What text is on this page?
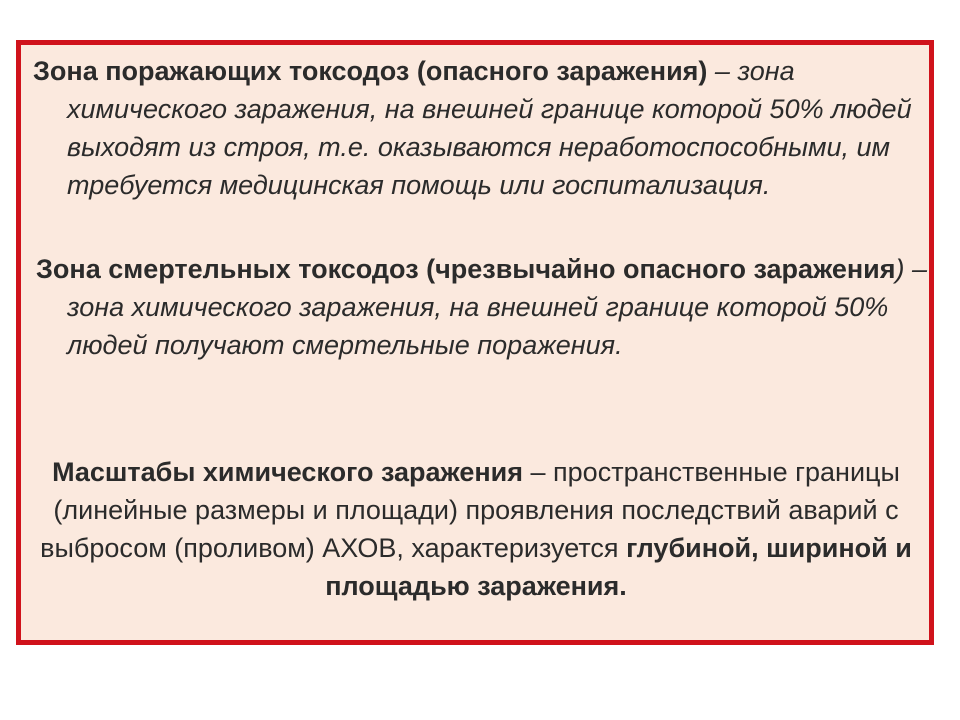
Зона поражающих токсодоз (опасного заражения) – зона химического заражения, на внешней границе которой 50% людей выходят из строя, т.е. оказываются неработоспособными, им требуется медицинская помощь или госпитализация.
Зона смертельных токсодоз (чрезвычайно опасного заражения) – зона химического заражения, на внешней границе которой 50% людей получают смертельные поражения.
Масштабы химического заражения – пространственные границы (линейные размеры и площади) проявления последствий аварий с выбросом (проливом) АХОВ, характеризуется глубиной, шириной и площадью заражения.
